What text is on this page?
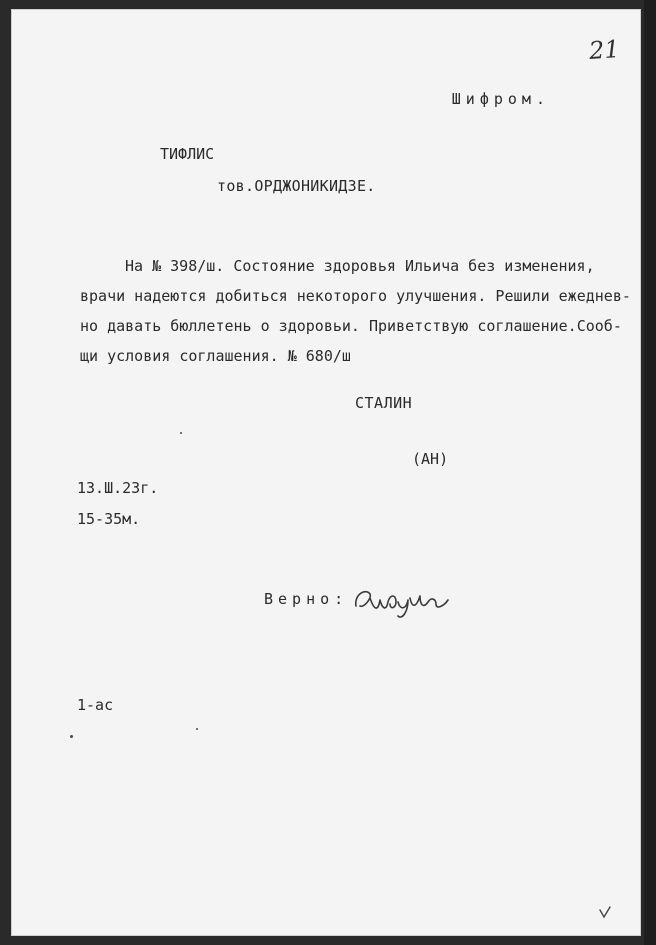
21

Шифром.

ТИФЛИС

тов.ОРДЖОНИКИДЗЕ.

На № 398/ш. Состояние здоровья Ильича без изменения,
врачи надеются добиться некоторого улучшения. Решили ежеднев-
но давать бюллетень о здоровьи. Приветствую соглашение.Сооб-
щи условия соглашения. № 680/ш

СТАЛИН

(АН)

13.Ш.23г.

15-35м.

Верно:

1-ас
